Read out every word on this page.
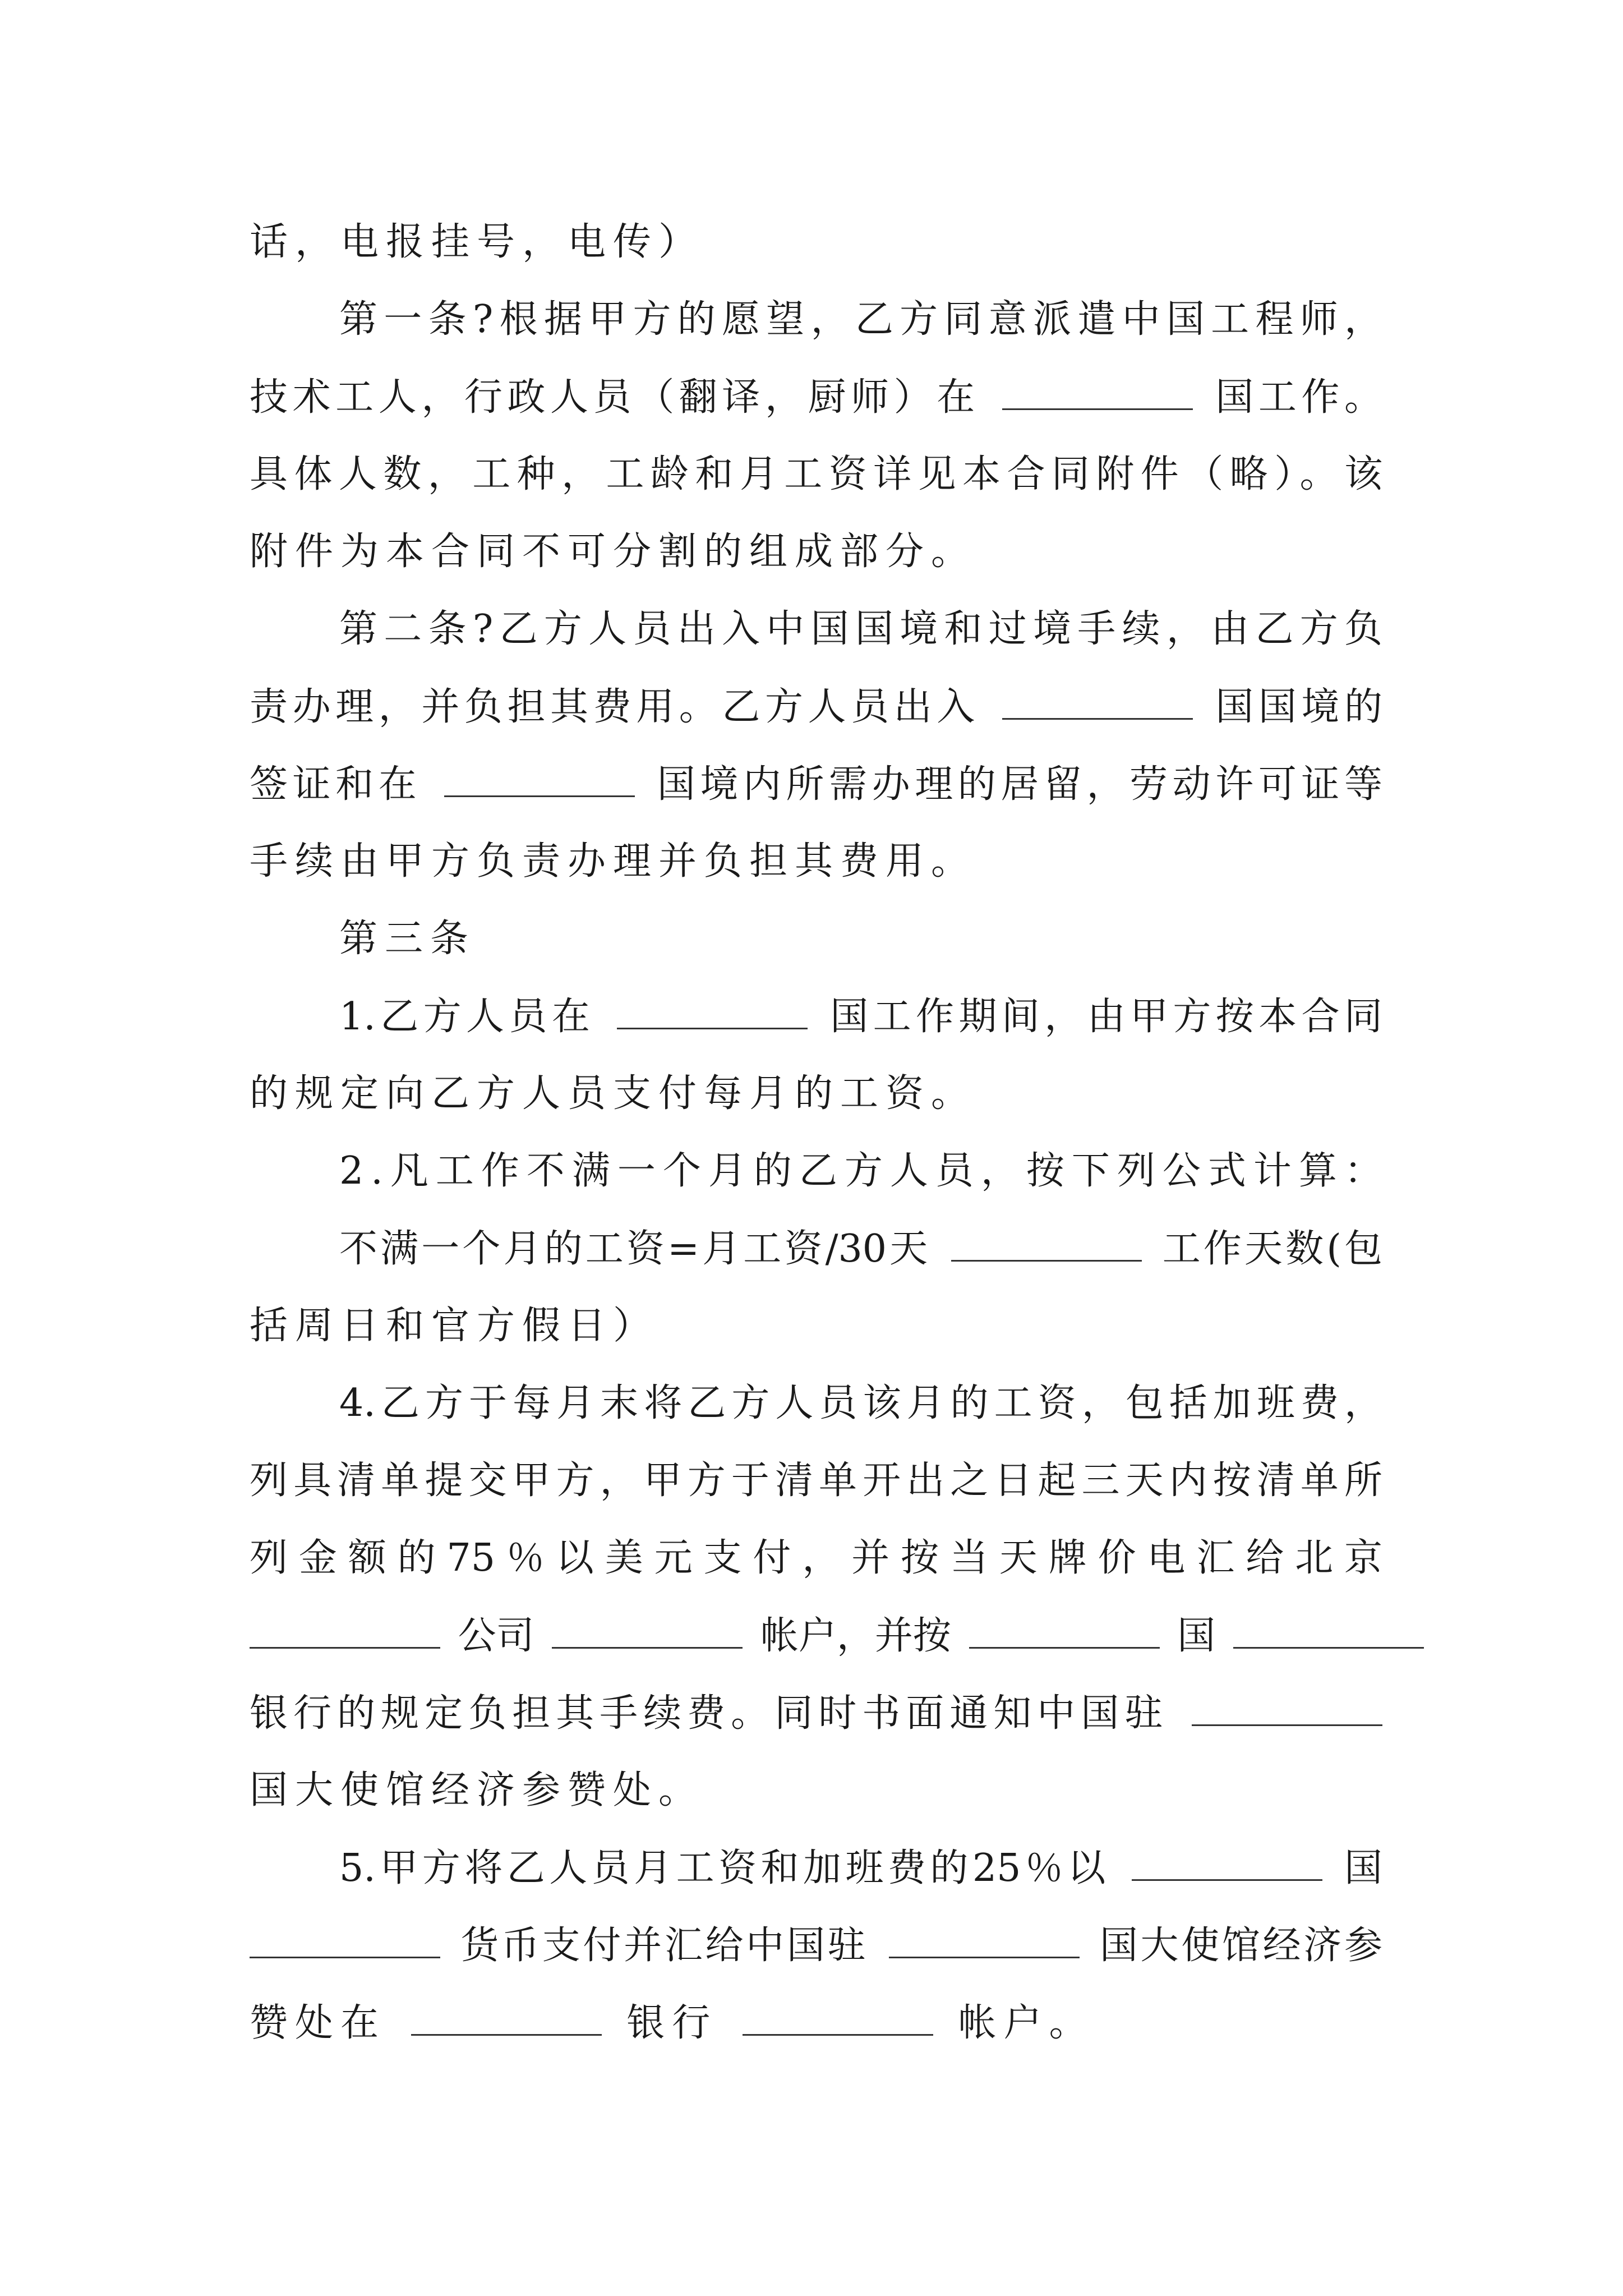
话，电报挂号，电传）
第一条?根据甲方的愿望，乙方同意派遣中国工程师，
技术工人，行政人员（翻译，厨师）在	国工作。
具体人数，工种，工龄和月工资详见本合同附件（略）。该
附件为本合同不可分割的组成部分。
第二条?乙方人员出入中国国境和过境手续，由乙方负
责办理，并负担其费用。乙方人员出入	国国境的
签证和在	国境内所需办理的居留，劳动许可证等
手续由甲方负责办理并负担其费用。
第三条
1.乙方人员在	国工作期间，由甲方按本合同
的规定向乙方人员支付每月的工资。
2.凡工作不满一个月的乙方人员，按下列公式计算：
不满一个月的工资=月工资/30天	工作天数(包
括周日和官方假日）
4.乙方于每月末将乙方人员该月的工资，包括加班费，
列具清单提交甲方，甲方于清单开出之日起三天内按清单所
列金额的75％以美元支付，并按当天牌价电汇给北京
公司	帐户，并按	国
银行的规定负担其手续费。同时书面通知中国驻
国大使馆经济参赞处。
5.甲方将乙人员月工资和加班费的25％以	国
货币支付并汇给中国驻	国大使馆经济参
赞处在	银行	帐户。
